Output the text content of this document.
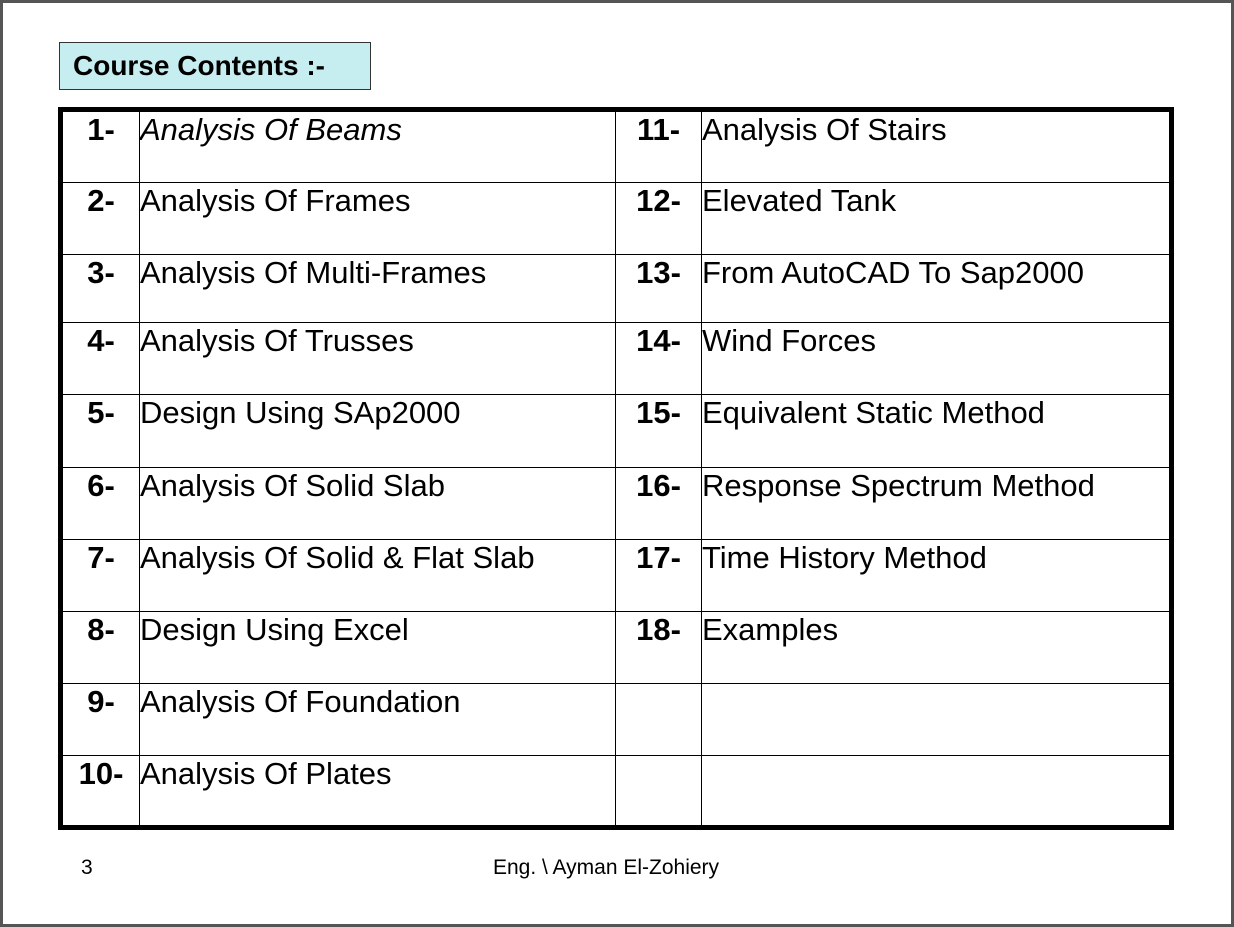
Course Contents :-
1-	Analysis Of Beams	11-	Analysis Of Stairs
2-	Analysis Of Frames	12-	Elevated Tank
3-	Analysis Of Multi-Frames	13-	From AutoCAD To Sap2000
4-	Analysis Of Trusses	14-	Wind Forces
5-	Design Using SAp2000	15-	Equivalent Static Method
6-	Analysis Of Solid Slab	16-	Response Spectrum Method
7-	Analysis Of Solid & Flat Slab	17-	Time History Method
8-	Design Using Excel	18-	Examples
9-	Analysis Of Foundation		
10-	Analysis Of Plates		
3	Eng. \ Ayman El-Zohiery
